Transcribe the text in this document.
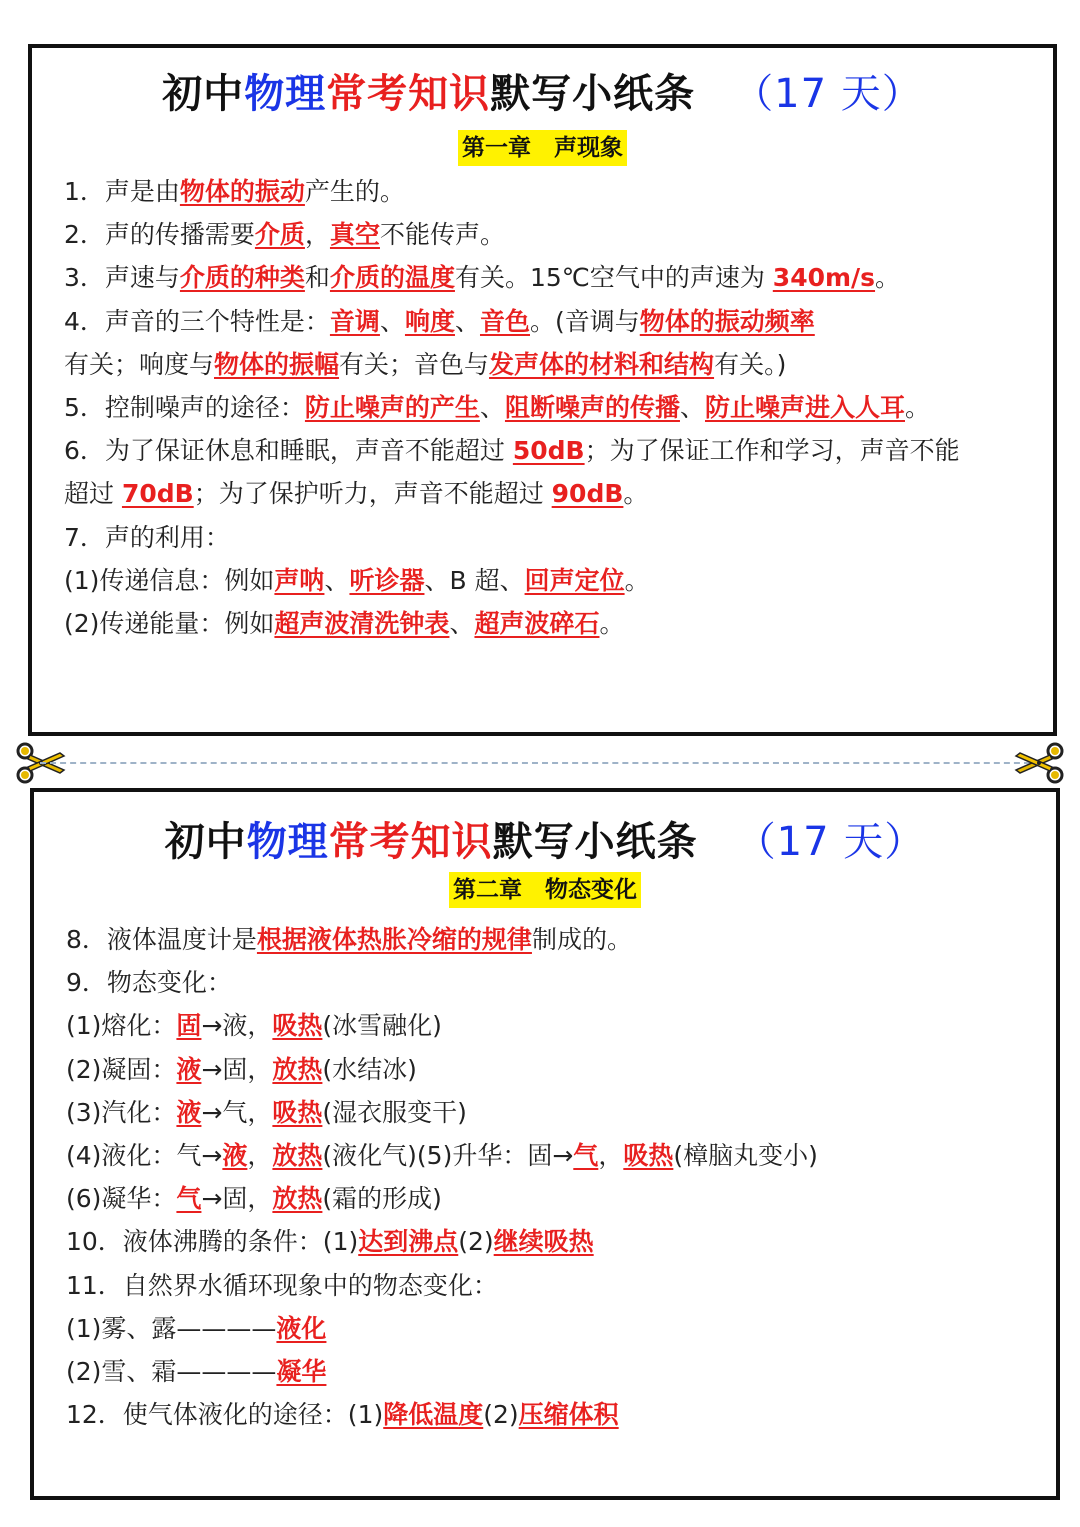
初中物理常考知识默写小纸条 （17 天）
第一章　声现象
1．声是由物体的振动产生的。
2．声的传播需要介质，真空不能传声。
3．声速与介质的种类和介质的温度有关。15℃空气中的声速为 340m/s。
4．声音的三个特性是：音调、响度、音色。(音调与物体的振动频率
有关；响度与物体的振幅有关；音色与发声体的材料和结构有关。)
5．控制噪声的途径：防止噪声的产生、阻断噪声的传播、防止噪声进入人耳。
6．为了保证休息和睡眠，声音不能超过 50dB；为了保证工作和学习，声音不能
超过 70dB；为了保护听力，声音不能超过 90dB。
7．声的利用：
(1)传递信息：例如声呐、听诊器、B 超、回声定位。
(2)传递能量：例如超声波清洗钟表、超声波碎石。
初中物理常考知识默写小纸条 （17 天）
第二章　物态变化
8．液体温度计是根据液体热胀冷缩的规律制成的。
9．物态变化：
(1)熔化：固→液，吸热(冰雪融化)
(2)凝固：液→固，放热(水结冰)
(3)汽化：液→气，吸热(湿衣服变干)
(4)液化：气→液，放热(液化气)(5)升华：固→气，吸热(樟脑丸变小)
(6)凝华：气→固，放热(霜的形成)
10．液体沸腾的条件：(1)达到沸点(2)继续吸热
11．自然界水循环现象中的物态变化：
(1)雾、露————液化
(2)雪、霜————凝华
12．使气体液化的途径：(1)降低温度(2)压缩体积
